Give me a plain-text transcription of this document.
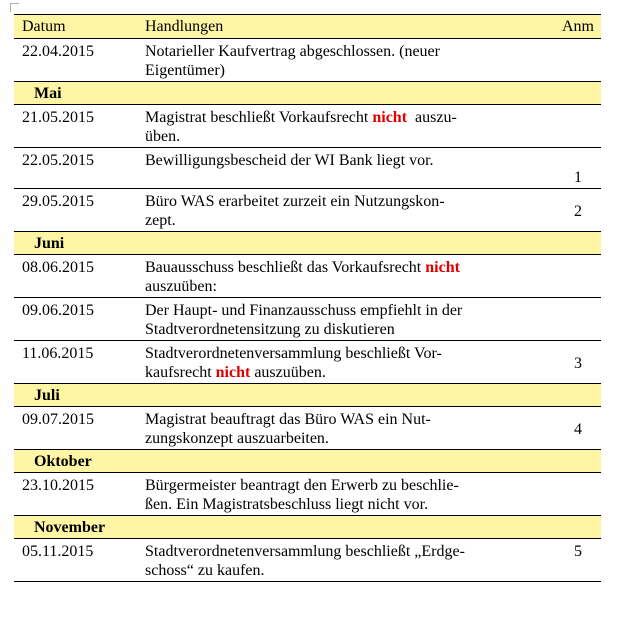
Datum	Handlungen	Anm
22.04.2015	Notarieller Kaufvertrag abgeschlossen. (neuer
Eigentümer)	
Mai		
21.05.2015	Magistrat beschließt Vorkaufsrecht nicht  auszu-
üben.	
22.05.2015	Bewilligungsbescheid der WI Bank liegt vor.	1
29.05.2015	Büro WAS erarbeitet zurzeit ein Nutzungskon-
zept.	2
Juni		
08.06.2015	Bauausschuss beschließt das Vorkaufsrecht nicht
auszuüben:	
09.06.2015	Der Haupt- und Finanzausschuss empfiehlt in der
Stadtverordnetensitzung zu diskutieren	
11.06.2015	Stadtverordnetenversammlung beschließt Vor-
kaufsrecht nicht auszuüben.	3
Juli		
09.07.2015	Magistrat beauftragt das Büro WAS ein Nut-
zungskonzept auszuarbeiten.	4
Oktober		
23.10.2015	Bürgermeister beantragt den Erwerb zu beschlie-
ßen. Ein Magistratsbeschluss liegt nicht vor.	
November		
05.11.2015	Stadtverordnetenversammlung beschließt „Erdge-
schoss“ zu kaufen.	5
